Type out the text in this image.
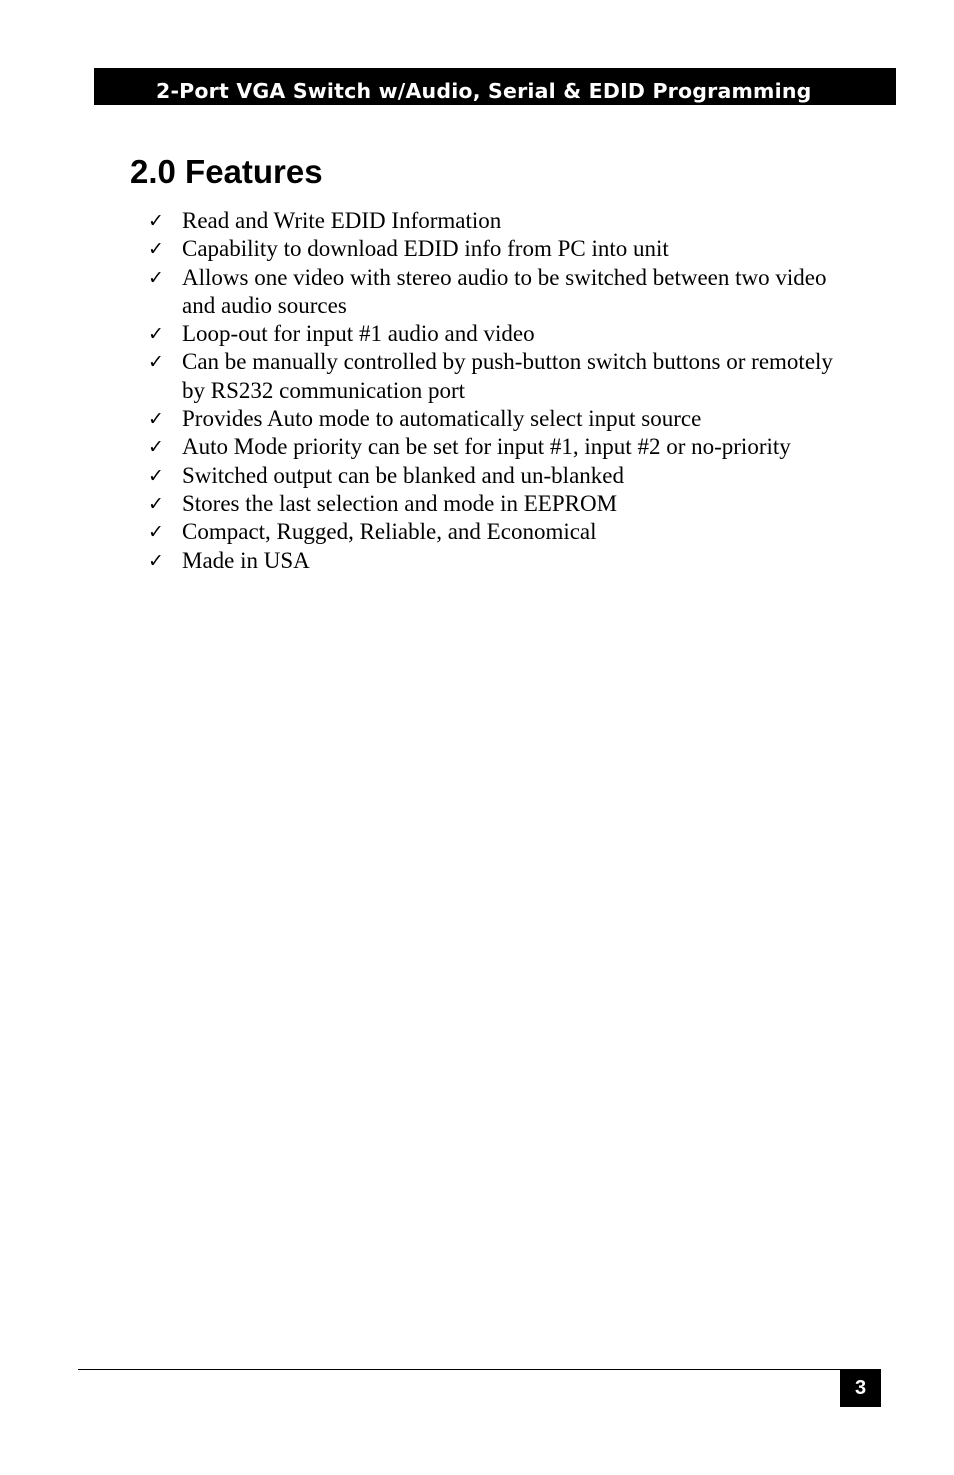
2-Port VGA Switch w/Audio, Serial & EDID Programming
2.0 Features
✓ Read and Write EDID Information
✓ Capability to download EDID info from PC into unit
✓ Allows one video with stereo audio to be switched between two video and audio sources
✓ Loop-out for input #1 audio and video
✓ Can be manually controlled by push-button switch buttons or remotely by RS232 communication port
✓ Provides Auto mode to automatically select input source
✓ Auto Mode priority can be set for input #1, input #2 or no-priority
✓ Switched output can be blanked and un-blanked
✓ Stores the last selection and mode in EEPROM
✓ Compact, Rugged, Reliable, and Economical
✓ Made in USA
3
